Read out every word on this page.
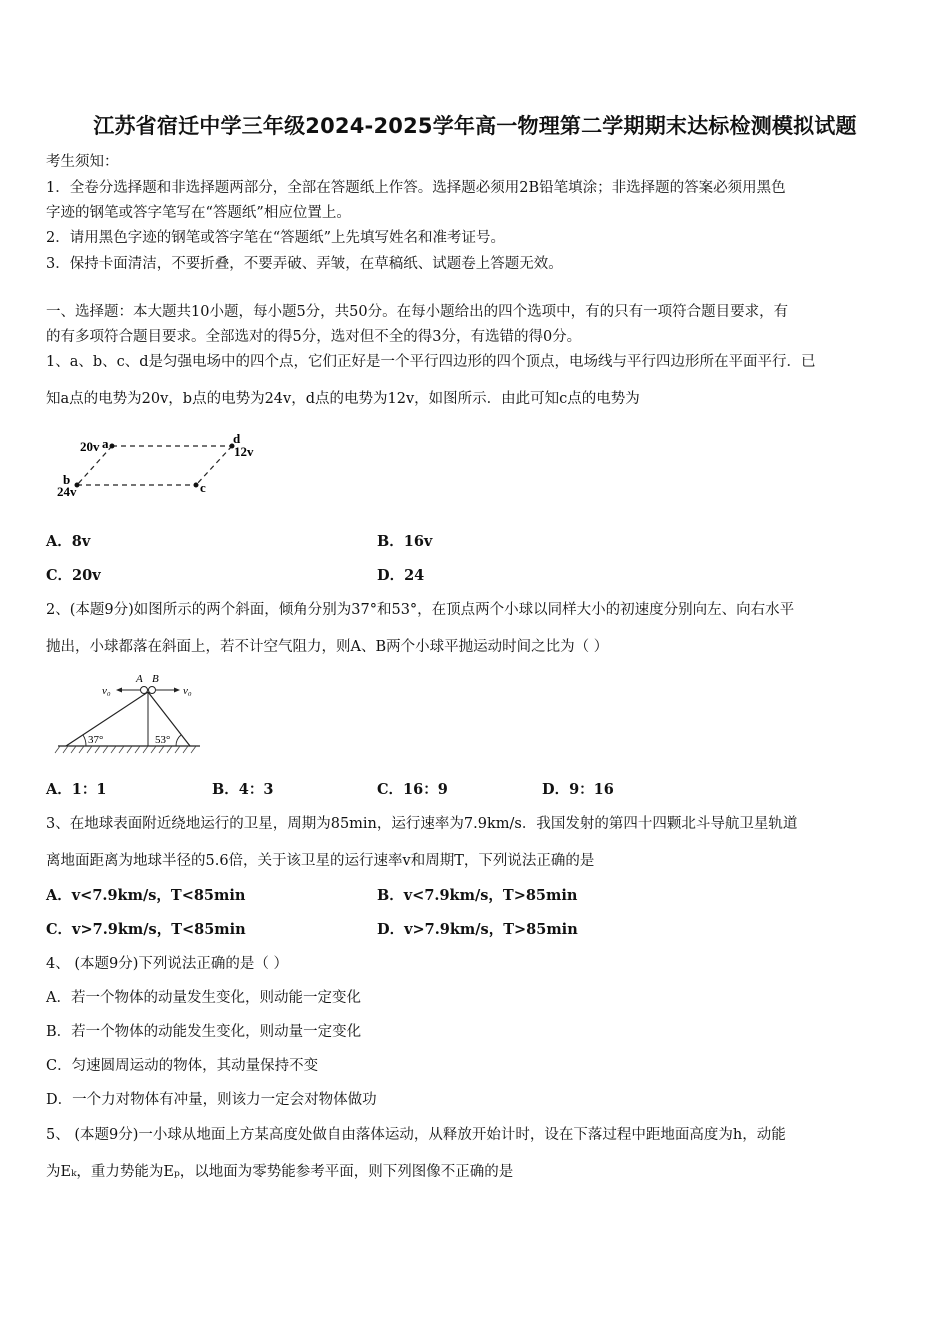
江苏省宿迁中学三年级2024-2025学年高一物理第二学期期末达标检测模拟试题
考生须知：
1．全卷分选择题和非选择题两部分，全部在答题纸上作答。选择题必须用2B铅笔填涂；非选择题的答案必须用黑色
字迹的钢笔或答字笔写在“答题纸”相应位置上。
2．请用黑色字迹的钢笔或答字笔在“答题纸”上先填写姓名和准考证号。
3．保持卡面清洁，不要折叠，不要弄破、弄皱，在草稿纸、试题卷上答题无效。
一、选择题：本大题共10小题，每小题5分，共50分。在每小题给出的四个选项中，有的只有一项符合题目要求，有
的有多项符合题目要求。全部选对的得5分，选对但不全的得3分，有选错的得0分。
1、a、b、c、d是匀强电场中的四个点，它们正好是一个平行四边形的四个顶点，电场线与平行四边形所在平面平行．已
知a点的电势为20v，b点的电势为24v，d点的电势为12v，如图所示．由此可知c点的电势为
20v a	d
12v
b
24v	c
A．8v	B．16v
C．20v	D．24
2、(本题9分)如图所示的两个斜面，倾角分别为37°和53°，在顶点两个小球以同样大小的初速度分别向左、向右水平
抛出，小球都落在斜面上，若不计空气阻力，则A、B两个小球平抛运动时间之比为（ ）
v₀	v₀
A B
37°	53°
A．1：1	B．4：3	C．16：9	D．9：16
3、在地球表面附近绕地运行的卫星，周期为85min，运行速率为7.9km/s．我国发射的第四十四颗北斗导航卫星轨道
离地面距离为地球半径的5.6倍，关于该卫星的运行速率v和周期T，下列说法正确的是
A．v<7.9km/s，T<85min	B．v<7.9km/s，T>85min
C．v>7.9km/s，T<85min	D．v>7.9km/s，T>85min
4、 (本题9分)下列说法正确的是（ ）
A．若一个物体的动量发生变化，则动能一定变化
B．若一个物体的动能发生变化，则动量一定变化
C．匀速圆周运动的物体，其动量保持不变
D．一个力对物体有冲量，则该力一定会对物体做功
5、 (本题9分)一小球从地面上方某高度处做自由落体运动，从释放开始计时，设在下落过程中距地面高度为h，动能
为Eₖ，重力势能为Eₚ，以地面为零势能参考平面，则下列图像不正确的是
